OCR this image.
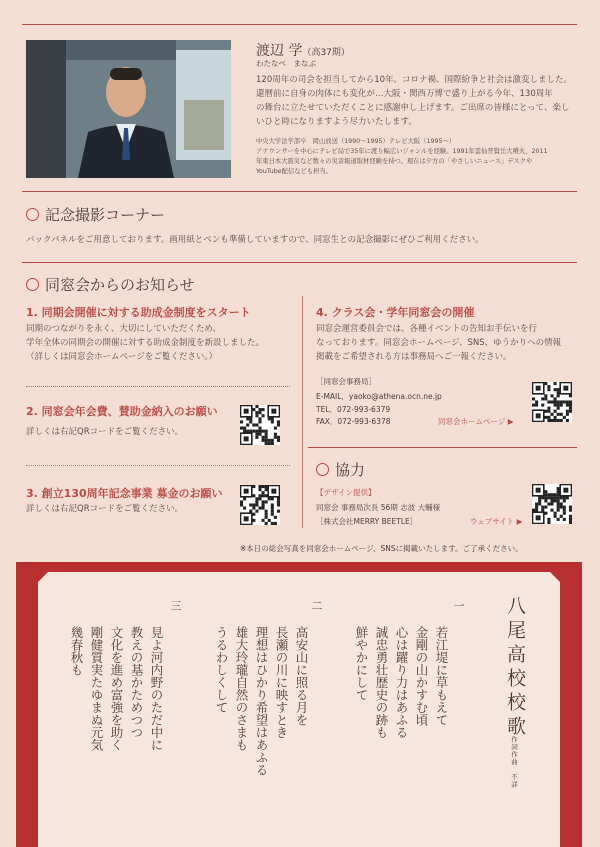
渡辺 学（高37期）
わたなべ　まなぶ
120周年の司会を担当してから10年。コロナ禍、国際紛争と社会は激変しました。
還暦前に自身の肉体にも変化が…大阪・関西万博で盛り上がる今年、130周年
の舞台に立たせていただくことに感謝申し上げます。ご出席の皆様にとって、楽し
いひと時になりますよう尽力いたします。
中央大学法学部卒　岡山放送（1990〜1995）テレビ大阪（1995〜）
アナウンサーを中心にテレビ局で35年に渡り幅広いジャンルを経験。1991年雲仙普賢岳大噴火、2011
年東日本大震災など数々の災害報道取材経験を持つ。現在は夕方の「やさしいニュース」デスクや
YouTube配信なども担当。
記念撮影コーナー
バックパネルをご用意しております。画用紙とペンも準備していますので、同窓生との記念撮影にぜひご利用ください。
同窓会からのお知らせ
1. 同期会開催に対する助成金制度をスタート
同期のつながりを永く、大切にしていただくため、
学年全体の同期会の開催に対する助成金制度を新設しました。
（詳しくは同窓会ホームページをご覧ください。）
2. 同窓会年会費、賛助金納入のお願い
詳しくは右記QRコードをご覧ください。
3. 創立130周年記念事業 募金のお願い
詳しくは右記QRコードをご覧ください。
4. クラス会・学年同窓会の開催
同窓会運営委員会では、各種イベントの告知お手伝いを行
なっております。同窓会ホームページ、SNS、ゆうかりへの情報
掲載をご希望される方は事務局へご一報ください。
［同窓会事務局］
E-MAIL．yaoko@athena.ocn.ne.jp
TEL．072-993-6379
FAX．072-993-6378	同窓会ホームページ ▶
協力
【デザイン提供】
同窓会 事務局次長 56期 志波 大輔様
［株式会社MERRY BEETLE］	ウェブサイト ▶
※本日の総会写真を同窓会ホームページ、SNSに掲載いたします。ご了承ください。
八尾高校校歌
作詞作曲　不詳
一
若江堤に草もえて
金剛の山かすむ頃
心は躍り力はあふる
誠忠勇壮歴史の跡も
鮮やかにして
二
高安山に照る月を
長瀬の川に映すとき
理想はひかり希望はあふる
雄大玲瓏自然のさまも
うるわしくして
三
見よ河内野のただ中に
教えの基かためつつ
文化を進め富強を助く
剛健質実たゆまぬ元気
幾春秋も
